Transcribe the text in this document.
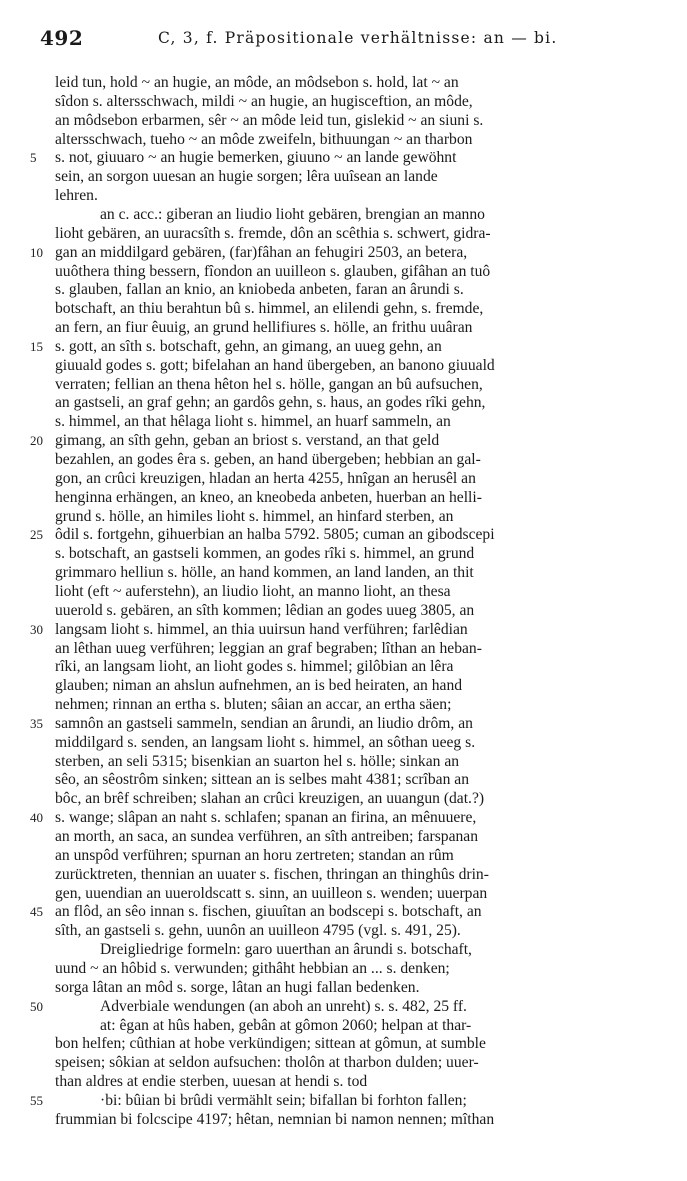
492	C, 3, f. Präpositionale verhältnisse: an — bi.
leid tun, hold ~ an hugie, an môde, an môdsebon s. hold, lat ~ an
sîdon s. altersschwach, mildi ~ an hugie, an hugisceftion, an môde,
an môdsebon erbarmen, sêr ~ an môde leid tun, gislekid ~ an siuni s.
altersschwach, tueho ~ an môde zweifeln, bithuungan ~ an tharbon
5	s. not, giuuaro ~ an hugie bemerken, giuuno ~ an lande gewöhnt
sein, an sorgon uuesan an hugie sorgen; lêra uuîsean an lande
lehren.
an c. acc.: giberan an liudio lioht gebären, brengian an manno
lioht gebären, an uuracsîth s. fremde, dôn an scêthia s. schwert, gidra-
10 gan an middilgard gebären, (far)fâhan an fehugiri 2503, an betera,
uuôthera thing bessern, fîondon an uuilleon s. glauben, gifâhan an tuô
s. glauben, fallan an knio, an kniobeda anbeten, faran an ârundi s.
botschaft, an thiu berahtun bû s. himmel, an elilendi gehn, s. fremde,
an fern, an fiur êuuig, an grund hellifiures s. hölle, an frithu uuâran
15 s. gott, an sîth s. botschaft, gehn, an gimang, an uueg gehn, an
giuuald godes s. gott; bifelahan an hand übergeben, an banono giuuald
verraten; fellian an thena hêton hel s. hölle, gangan an bû aufsuchen,
an gastseli, an graf gehn; an gardôs gehn, s. haus, an godes rîki gehn,
s. himmel, an that hêlaga lioht s. himmel, an huarf sammeln, an
20 gimang, an sîth gehn, geban an briost s. verstand, an that geld
bezahlen, an godes êra s. geben, an hand übergeben; hebbian an gal-
gon, an crûci kreuzigen, hladan an herta 4255, hnîgan an herusêl an
henginna erhängen, an kneo, an kneobeda anbeten, huerban an helli-
grund s. hölle, an himiles lioht s. himmel, an hinfard sterben, an
25 ôdil s. fortgehn, gihuerbian an halba 5792. 5805; cuman an gibodscepi
s. botschaft, an gastseli kommen, an godes rîki s. himmel, an grund
grimmaro helliun s. hölle, an hand kommen, an land landen, an thit
lioht (eft ~ auferstehn), an liudio lioht, an manno lioht, an thesa
uuerold s. gebären, an sîth kommen; lêdian an godes uueg 3805, an
30 langsam lioht s. himmel, an thia uuirsun hand verführen; farlêdian
an lêthan uueg verführen; leggian an graf begraben; lîthan an heban-
rîki, an langsam lioht, an lioht godes s. himmel; gilôbian an lêra
glauben; niman an ahslun aufnehmen, an is bed heiraten, an hand
nehmen; rinnan an ertha s. bluten; sâian an accar, an ertha säen;
35 samnôn an gastseli sammeln, sendian an ârundi, an liudio drôm, an
middilgard s. senden, an langsam lioht s. himmel, an sôthan ueeg s.
sterben, an seli 5315; bisenkian an suarton hel s. hölle; sinkan an
sêo, an sêostrôm sinken; sittean an is selbes maht 4381; scrîban an
bôc, an brêf schreiben; slahan an crûci kreuzigen, an uuangun (dat.?)
40 s. wange; slâpan an naht s. schlafen; spanan an firina, an mênuuere,
an morth, an saca, an sundea verführen, an sîth antreiben; farspanan
an unspôd verführen; spurnan an horu zertreten; standan an rûm
zurücktreten, thennian an uuater s. fischen, thringan an thinghûs drin-
gen, uuendian an uueroldscatt s. sinn, an uuilleon s. wenden; uuerpan
45 an flôd, an sêo innan s. fischen, giuuîtan an bodscepi s. botschaft, an
sîth, an gastseli s. gehn, uunôn an uuilleon 4795 (vgl. s. 491, 25).
Dreigliedrige formeln: garo uuerthan an ârundi s. botschaft,
uund ~ an hôbid s. verwunden; githâht hebbian an ... s. denken;
sorga lâtan an môd s. sorge, lâtan an hugi fallan bedenken.
50	Adverbiale wendungen (an aboh an unreht) s. s. 482, 25 ff.
at: êgan at hûs haben, gebân at gômon 2060; helpan at thar-
bon helfen; cûthian at hobe verkündigen; sittean at gômun, at sumble
speisen; sôkian at seldon aufsuchen: tholôn at tharbon dulden; uuer-
than aldres at endie sterben, uuesan at hendi s. tod
55	·bi: bûian bi brûdi vermählt sein; bifallan bi forhton fallen;
frummian bi folcscipe 4197; hêtan, nemnian bi namon nennen; mîthan
